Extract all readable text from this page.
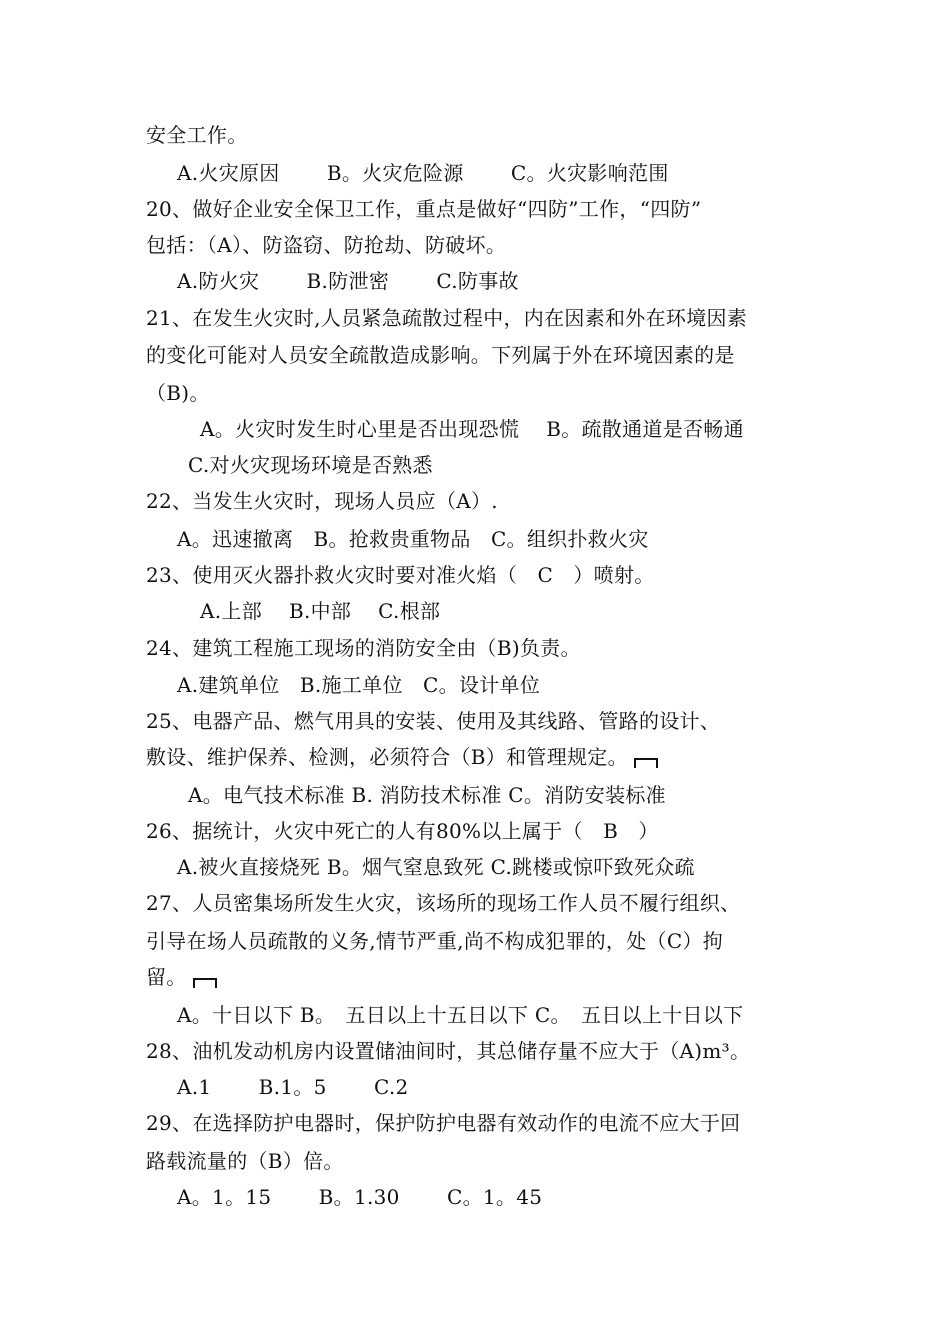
安全工作。
A.火灾原因　　 B。火灾危险源　　 C。火灾影响范围
20、做好企业安全保卫工作，重点是做好“四防”工作，“四防”
包括：（A）、防盗窃、防抢劫、防破坏。
A.防火灾　　 B.防泄密　　 C.防事故
21、在发生火灾时,人员紧急疏散过程中，内在因素和外在环境因素
的变化可能对人员安全疏散造成影响。下列属于外在环境因素的是
（B)。
A。火灾时发生时心里是否出现恐慌　 B。疏散通道是否畅通
C.对火灾现场环境是否熟悉
22、当发生火灾时，现场人员应（A）.
A。迅速撤离　B。抢救贵重物品　C。组织扑救火灾
23、使用灭火器扑救火灾时要对准火焰（　C　）喷射。
A.上部　 B.中部　 C.根部
24、建筑工程施工现场的消防安全由（B)负责。
A.建筑单位　B.施工单位　C。设计单位
25、电器产品、燃气用具的安装、使用及其线路、管路的设计、
敷设、维护保养、检测，必须符合（B）和管理规定。
A。电气技术标准 B. 消防技术标准 C。消防安装标准
26、据统计，火灾中死亡的人有80%以上属于（　B　）
A.被火直接烧死 B。烟气窒息致死 C.跳楼或惊吓致死众疏
27、人员密集场所发生火灾，该场所的现场工作人员不履行组织、
引导在场人员疏散的义务,情节严重,尚不构成犯罪的，处（C）拘
留。
A。十日以下 B。　五日以上十五日以下 C。　五日以上十日以下
28、油机发动机房内设置储油间时，其总储存量不应大于（A)m³。
A.1　　 B.1。5　　 C.2
29、在选择防护电器时，保护防护电器有效动作的电流不应大于回
路载流量的（B）倍。
A。1。15　　 B。1.30　　 C。1。45
